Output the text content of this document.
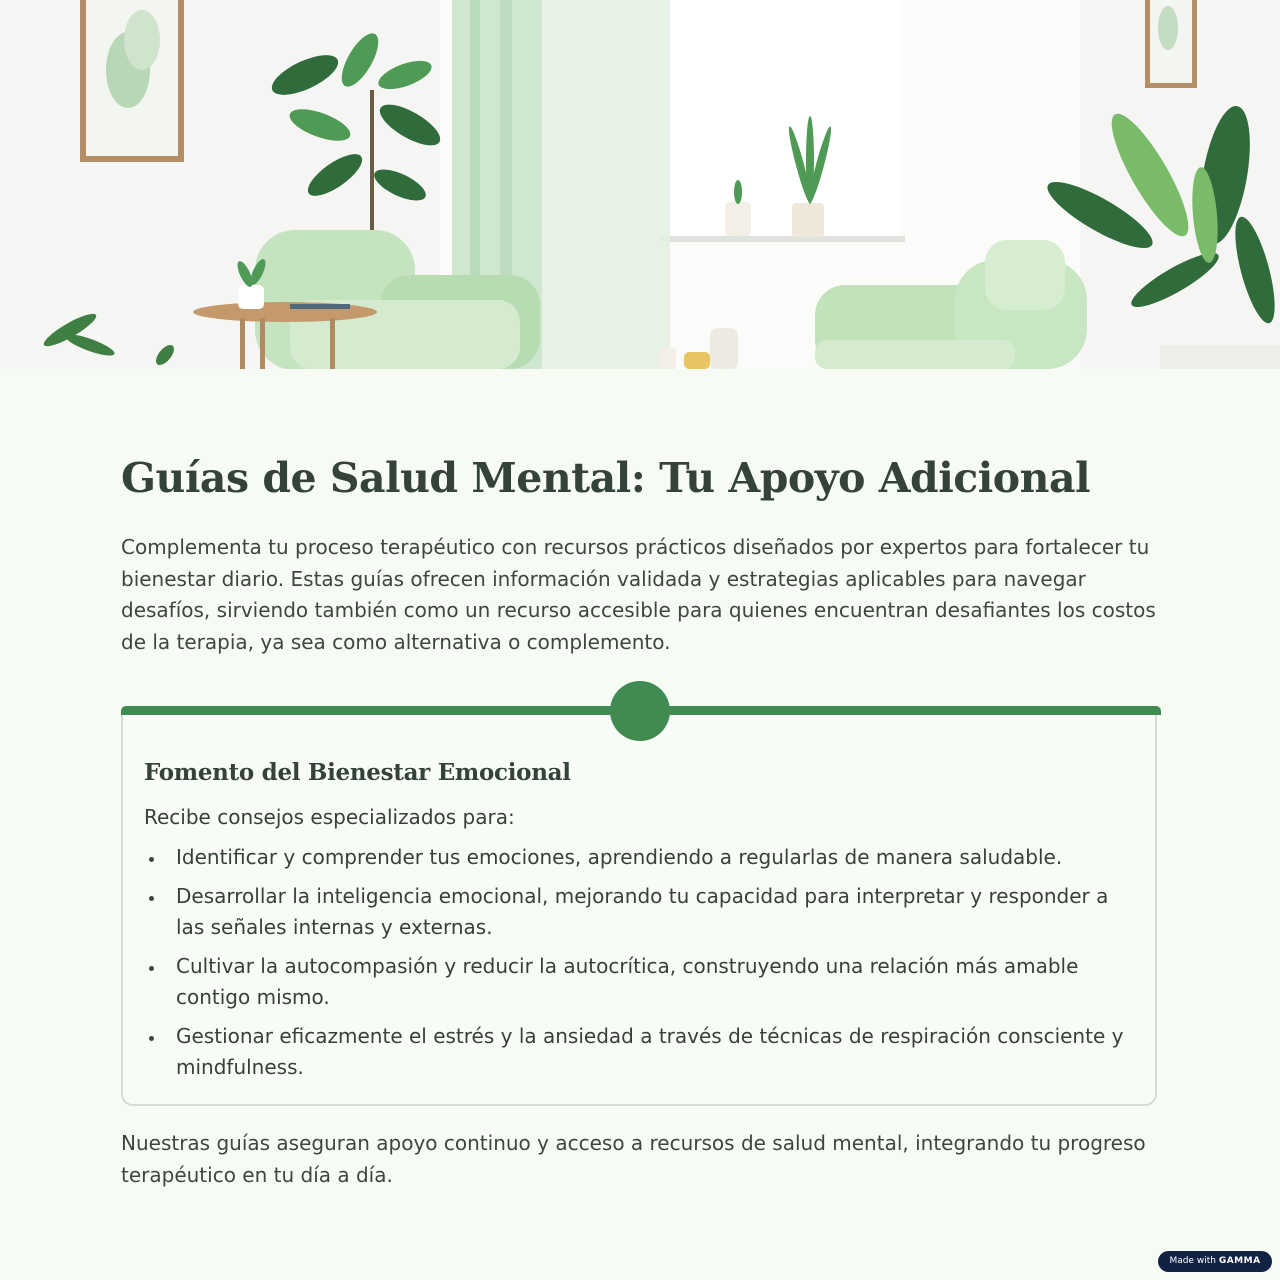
Guías de Salud Mental: Tu Apoyo Adicional

Complementa tu proceso terapéutico con recursos prácticos diseñados por expertos para fortalecer tu bienestar diario. Estas guías ofrecen información validada y estrategias aplicables para navegar desafíos, sirviendo también como un recurso accesible para quienes encuentran desafiantes los costos de la terapia, ya sea como alternativa o complemento.

Fomento del Bienestar Emocional

Recibe consejos especializados para:

Identificar y comprender tus emociones, aprendiendo a regularlas de manera saludable.
Desarrollar la inteligencia emocional, mejorando tu capacidad para interpretar y responder a las señales internas y externas.
Cultivar la autocompasión y reducir la autocrítica, construyendo una relación más amable contigo mismo.
Gestionar eficazmente el estrés y la ansiedad a través de técnicas de respiración consciente y mindfulness.

Nuestras guías aseguran apoyo continuo y acceso a recursos de salud mental, integrando tu progreso terapéutico en tu día a día.

Made with GAMMA
